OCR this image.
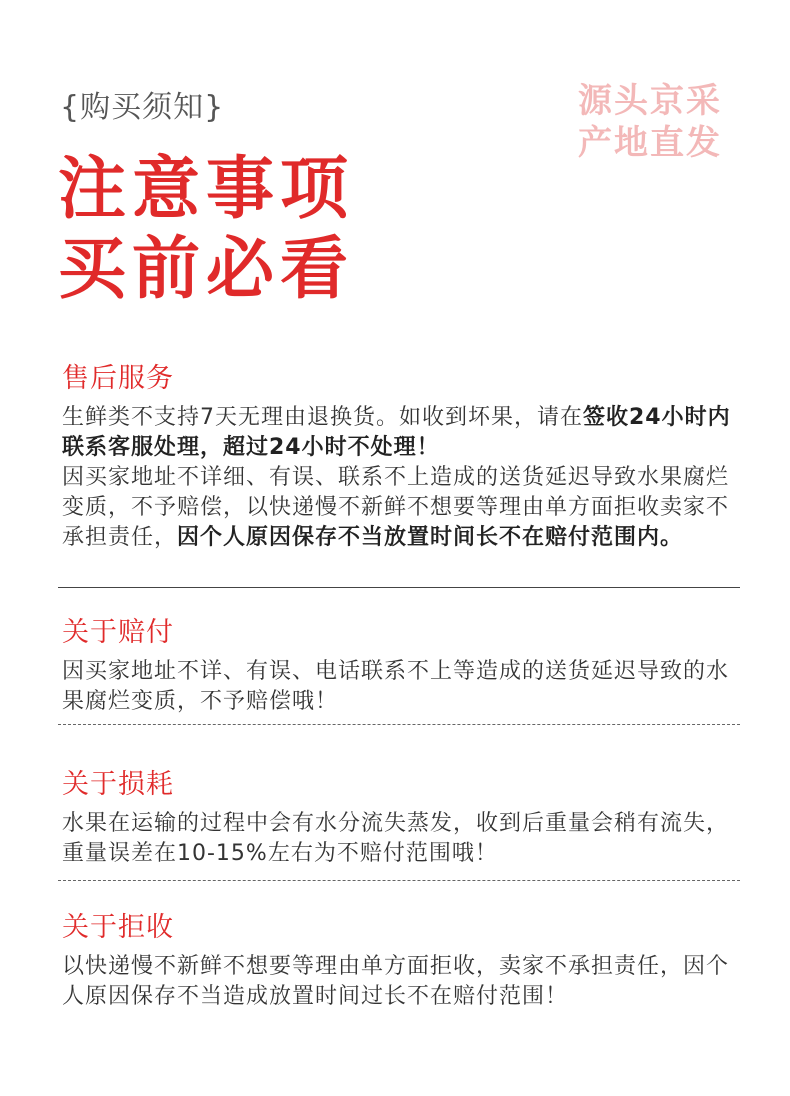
{购买须知}	源头京采
产地直发
注意事项
买前必看
售后服务
生鲜类不支持7天无理由退换货。如收到坏果，请在签收24小时内联系客服处理，超过24小时不处理！
因买家地址不详细、有误、联系不上造成的送货延迟导致水果腐烂变质，不予赔偿，以快递慢不新鲜不想要等理由单方面拒收卖家不承担责任，因个人原因保存不当放置时间长不在赔付范围内。
关于赔付
因买家地址不详、有误、电话联系不上等造成的送货延迟导致的水果腐烂变质，不予赔偿哦！
关于损耗
水果在运输的过程中会有水分流失蒸发，收到后重量会稍有流失，重量误差在10-15%左右为不赔付范围哦！
关于拒收
以快递慢不新鲜不想要等理由单方面拒收，卖家不承担责任，因个人原因保存不当造成放置时间过长不在赔付范围！
